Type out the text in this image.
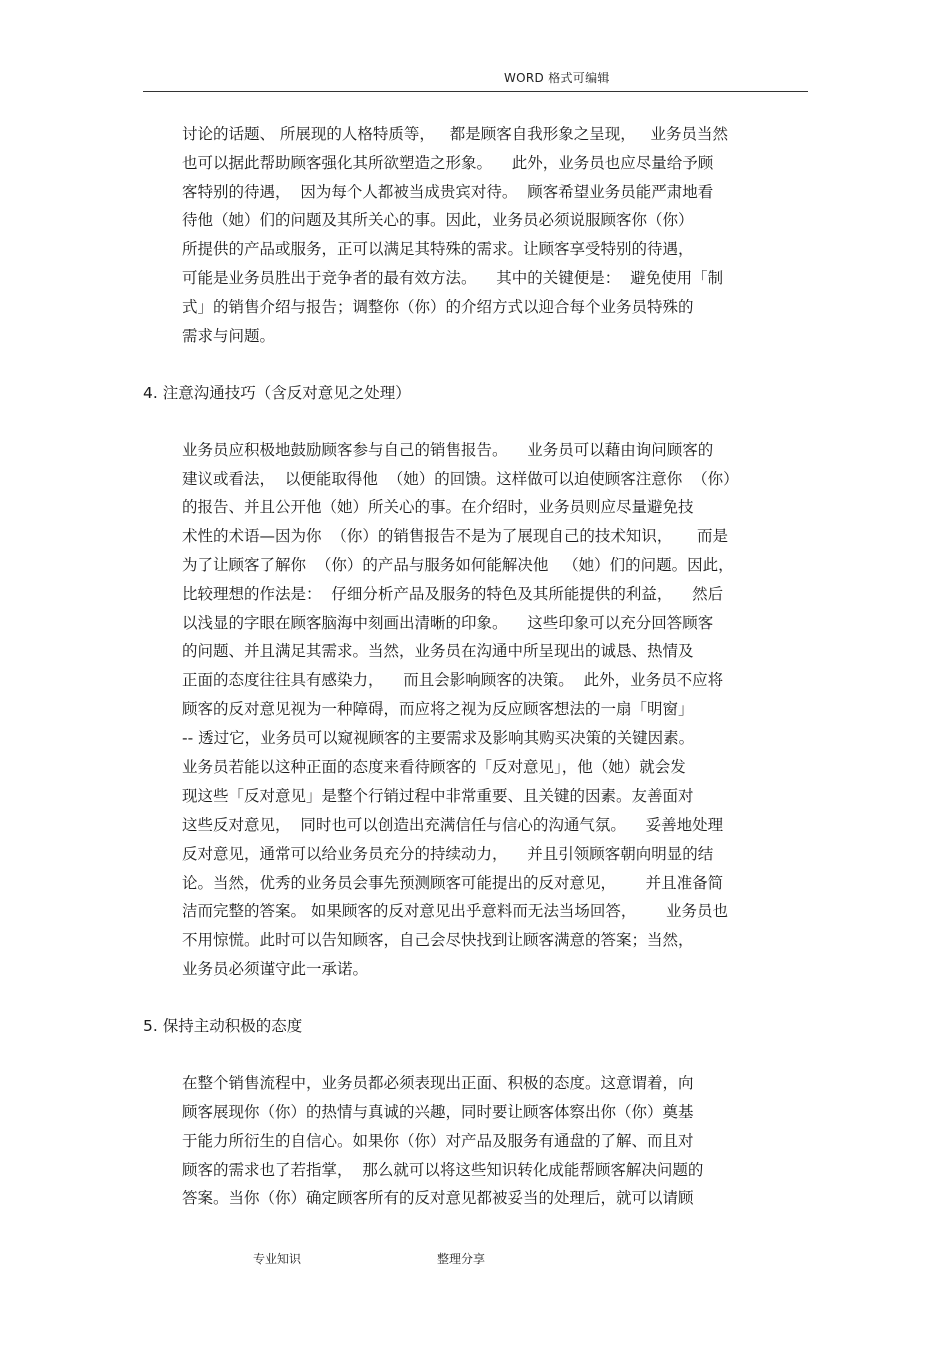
WORD 格式可编辑
讨论的话题、 所展现的人格特质等，   都是顾客自我形象之呈现，   业务员当然
也可以据此帮助顾客强化其所欲塑造之形象。    此外，业务员也应尽量给予顾
客特别的待遇，  因为每个人都被当成贵宾对待。  顾客希望业务员能严肃地看
待他（她）们的问题及其所关心的事。因此，业务员必须说服顾客你（你）
所提供的产品或服务，正可以满足其特殊的需求。让顾客享受特别的待遇，
可能是业务员胜出于竞争者的最有效方法。    其中的关键便是：  避免使用「制
式」的销售介绍与报告；调整你（你）的介绍方式以迎合每个业务员特殊的
需求与问题。
4. 注意沟通技巧（含反对意见之处理）
业务员应积极地鼓励顾客参与自己的销售报告。    业务员可以藉由询问顾客的
建议或看法，  以便能取得他  （她）的回馈。这样做可以迫使顾客注意你  （你）
的报告、并且公开他（她）所关心的事。在介绍时，业务员则应尽量避免技
术性的术语—因为你  （你）的销售报告不是为了展现自己的技术知识，     而是
为了让顾客了解你  （你）的产品与服务如何能解决他   （她）们的问题。因此，
比较理想的作法是：  仔细分析产品及服务的特色及其所能提供的利益，    然后
以浅显的字眼在顾客脑海中刻画出清晰的印象。    这些印象可以充分回答顾客
的问题、并且满足其需求。当然，业务员在沟通中所呈现出的诚恳、热情及
正面的态度往往具有感染力，    而且会影响顾客的决策。  此外，业务员不应将
顾客的反对意见视为一种障碍，而应将之视为反应顾客想法的一扇「明窗」
-- 透过它，业务员可以窥视顾客的主要需求及影响其购买决策的关键因素。
业务员若能以这种正面的态度来看待顾客的「反对意见」，他（她）就会发
现这些「反对意见」是整个行销过程中非常重要、且关键的因素。友善面对
这些反对意见，  同时也可以创造出充满信任与信心的沟通气氛。    妥善地处理
反对意见，通常可以给业务员充分的持续动力，    并且引领顾客朝向明显的结
论。当然，优秀的业务员会事先预测顾客可能提出的反对意见，      并且准备简
洁而完整的答案。 如果顾客的反对意见出乎意料而无法当场回答，      业务员也
不用惊慌。此时可以告知顾客，自己会尽快找到让顾客满意的答案；当然，
业务员必须谨守此一承诺。
5. 保持主动积极的态度
在整个销售流程中，业务员都必须表现出正面、积极的态度。这意谓着，向
顾客展现你（你）的热情与真诚的兴趣，同时要让顾客体察出你（你）奠基
于能力所衍生的自信心。如果你（你）对产品及服务有通盘的了解、而且对
顾客的需求也了若指掌，  那么就可以将这些知识转化成能帮顾客解决问题的
答案。当你（你）确定顾客所有的反对意见都被妥当的处理后，就可以请顾
专业知识	整理分享
